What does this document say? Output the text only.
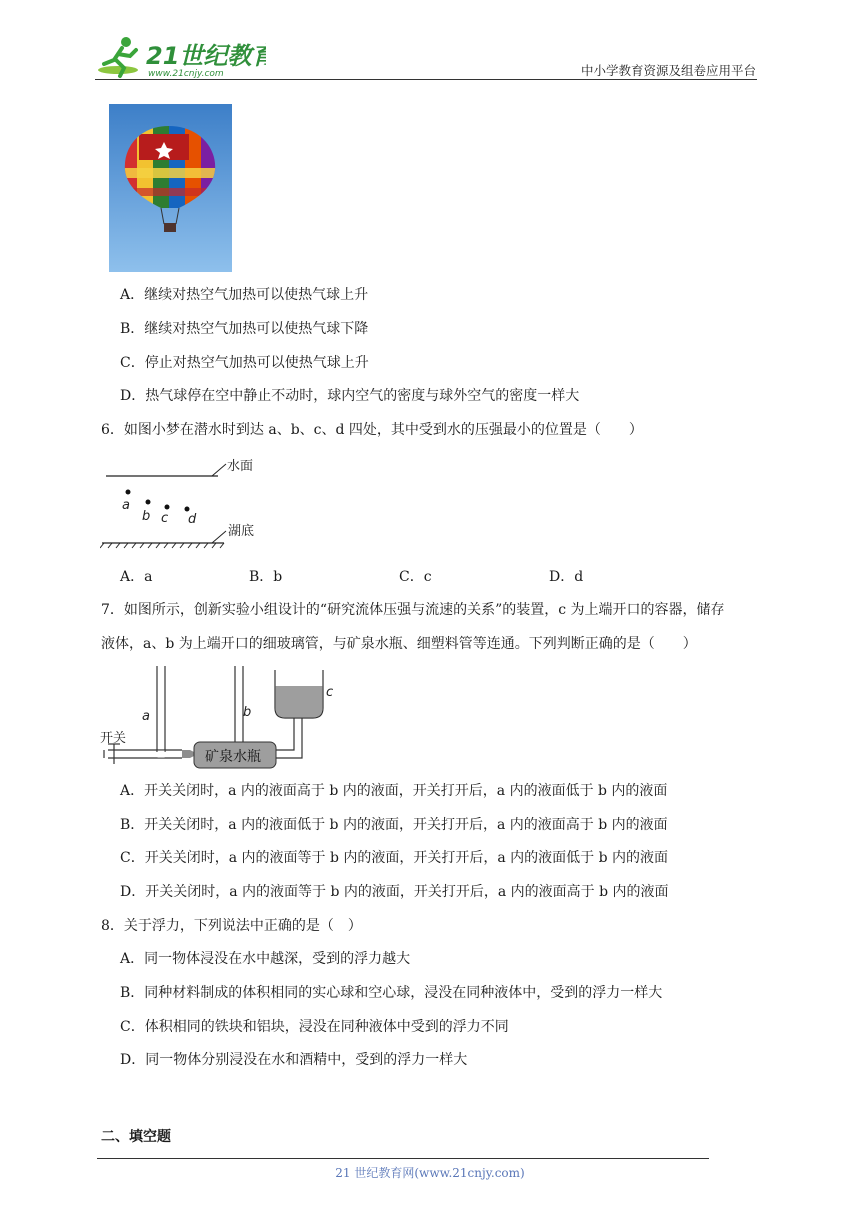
21世纪教育
www.21cnjy.com	中小学教育资源及组卷应用平台
A．继续对热空气加热可以使热气球上升
B．继续对热空气加热可以使热气球下降
C．停止对热空气加热可以使热气球上升
D．热气球停在空中静止不动时，球内空气的密度与球外空气的密度一样大
6．如图小梦在潜水时到达 a、b、c、d 四处，其中受到水的压强最小的位置是（　　）
水面
a
b c d
湖底
A．a	B．b	C．c	D．d
7．如图所示，创新实验小组设计的“研究流体压强与流速的关系”的装置，c 为上端开口的容器，储存
液体，a、b 为上端开口的细玻璃管，与矿泉水瓶、细塑料管等连通。下列判断正确的是（　　）
a	b
c
矿泉水瓶
开关
A．开关关闭时，a 内的液面高于 b 内的液面，开关打开后，a 内的液面低于 b 内的液面
B．开关关闭时，a 内的液面低于 b 内的液面，开关打开后，a 内的液面高于 b 内的液面
C．开关关闭时，a 内的液面等于 b 内的液面，开关打开后，a 内的液面低于 b 内的液面
D．开关关闭时，a 内的液面等于 b 内的液面，开关打开后，a 内的液面高于 b 内的液面
8．关于浮力，下列说法中正确的是（　）
A．同一物体浸没在水中越深，受到的浮力越大
B．同种材料制成的体积相同的实心球和空心球，浸没在同种液体中，受到的浮力一样大
C．体积相同的铁块和铝块，浸没在同种液体中受到的浮力不同
D．同一物体分别浸没在水和酒精中，受到的浮力一样大
二、填空题
21 世纪教育网(www.21cnjy.com)
